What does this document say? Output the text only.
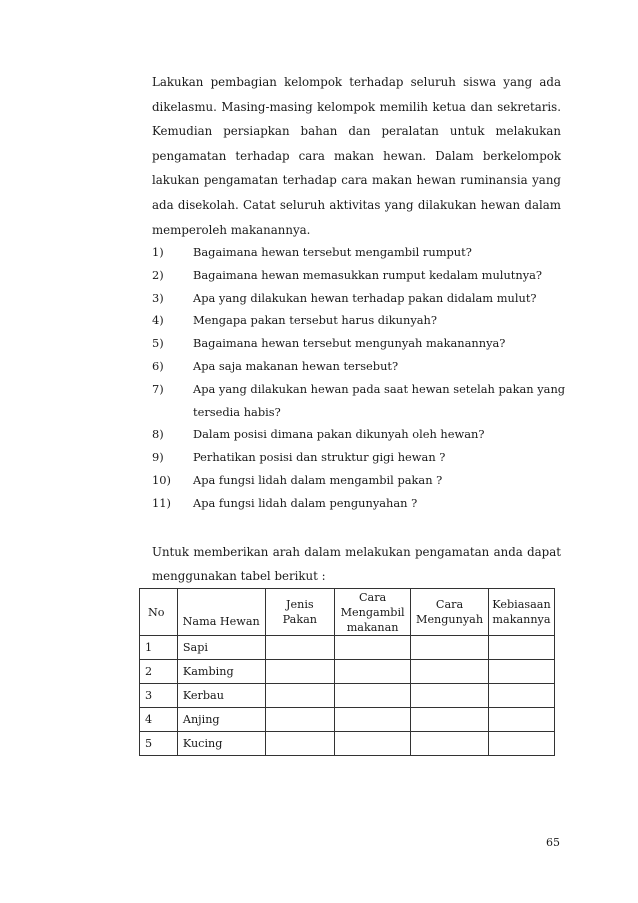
Lakukan pembagian kelompok terhadap seluruh siswa yang ada dikelasmu. Masing-masing kelompok memilih ketua dan sekretaris. Kemudian persiapkan bahan dan peralatan untuk melakukan pengamatan terhadap cara makan hewan. Dalam berkelompok lakukan pengamatan terhadap cara makan hewan ruminansia yang ada disekolah. Catat seluruh aktivitas yang dilakukan hewan dalam memperoleh makanannya.

1)	Bagaimana hewan tersebut mengambil rumput?
2)	Bagaimana hewan memasukkan rumput kedalam mulutnya?
3)	Apa yang dilakukan hewan terhadap pakan didalam mulut?
4)	Mengapa pakan tersebut harus dikunyah?
5)	Bagaimana hewan tersebut mengunyah makanannya?
6)	Apa saja makanan hewan tersebut?
7)	Apa yang dilakukan hewan pada saat hewan setelah pakan yang tersedia habis?
8)	Dalam posisi dimana pakan dikunyah oleh hewan?
9)	Perhatikan posisi dan struktur gigi hewan ?
10) Apa fungsi lidah dalam mengambil pakan ?
11) Apa fungsi lidah dalam pengunyahan ?

Untuk memberikan arah dalam melakukan pengamatan anda dapat menggunakan tabel berikut :

No	Nama Hewan	Jenis Pakan	Cara Mengambil makanan	Cara Mengunyah	Kebiasaan makannya
1	Sapi				
2	Kambing				
3	Kerbau				
4	Anjing				
5	Kucing				
65
